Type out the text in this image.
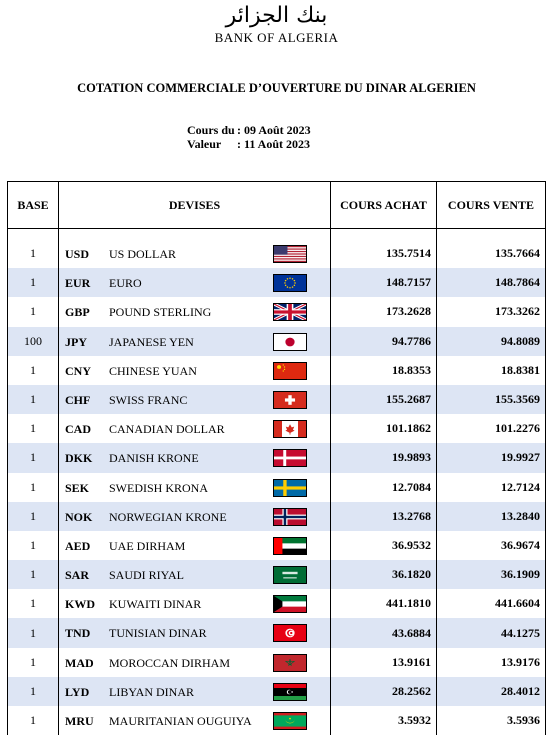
بنك الجزائر
BANK OF ALGERIA
COTATION COMMERCIALE D’OUVERTURE DU DINAR ALGERIEN
Cours du : 09 Août 2023
Valeur	: 11 Août 2023
BASE	DEVISES	COURS ACHAT	COURS VENTE

1	USD US DOLLAR	135.7514	135.7664
1	EUR EURO	148.7157	148.7864
1	GBP POUND STERLING	173.2628	173.3262
100	JPY JAPANESE YEN	94.7786	94.8089
1	CNY CHINESE YUAN	18.8353	18.8381
1	CHF SWISS FRANC	155.2687	155.3569
1	CAD CANADIAN DOLLAR	101.1862	101.2276
1	DKK DANISH KRONE	19.9893	19.9927
1	SEK SWEDISH KRONA	12.7084	12.7124
1	NOK NORWEGIAN KRONE	13.2768	13.2840
1	AED UAE DIRHAM	36.9532	36.9674
1	SAR SAUDI RIYAL	36.1820	36.1909
1	KWD KUWAITI DINAR	441.1810	441.6604
1	TND TUNISIAN DINAR	43.6884	44.1275
1	MAD MOROCCAN DIRHAM	13.9161	13.9176
1	LYD LIBYAN DINAR	28.2562	28.4012
1	MRU MAURITANIAN OUGUIYA	3.5932	3.5936
